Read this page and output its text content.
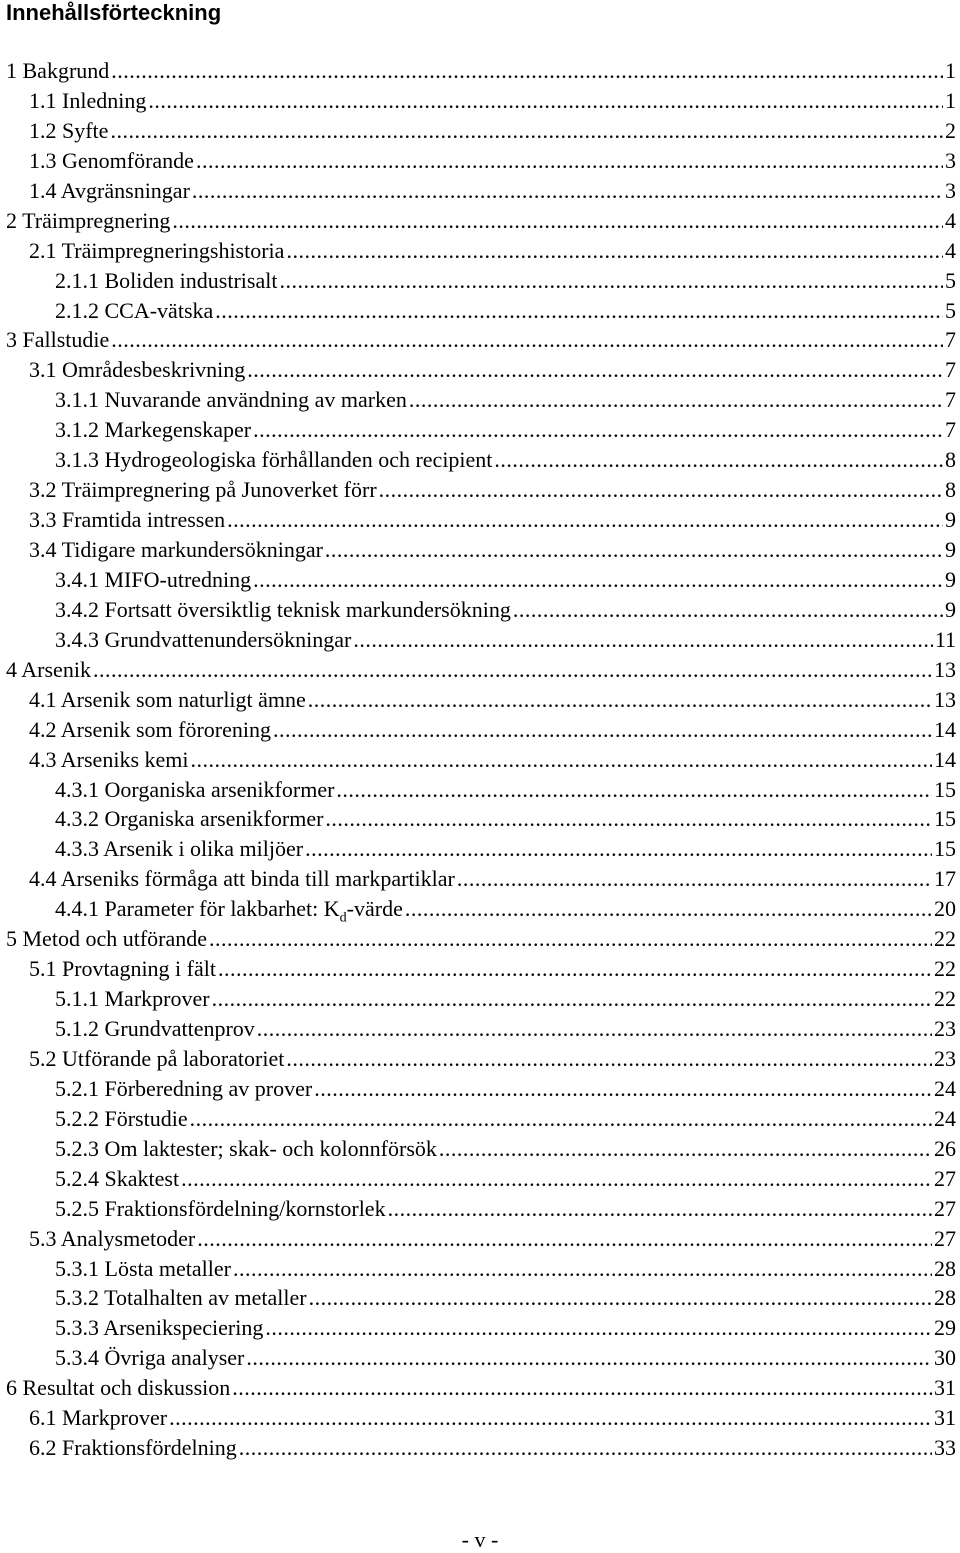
Innehållsförteckning
1 Bakgrund .....	1
1.1 Inledning .....	1
1.2 Syfte .....	2
1.3 Genomförande .....	3
1.4 Avgränsningar .....	3
2 Träimpregnering .....	4
2.1 Träimpregneringshistoria .....	4
2.1.1 Boliden industrisalt .....	5
2.1.2 CCA-vätska .....	5
3 Fallstudie .....	7
3.1 Områdesbeskrivning .....	7
3.1.1 Nuvarande användning av marken .....	7
3.1.2 Markegenskaper .....	7
3.1.3 Hydrogeologiska förhållanden och recipient .....	8
3.2 Träimpregnering på Junoverket förr .....	8
3.3 Framtida intressen .....	9
3.4 Tidigare markundersökningar .....	9
3.4.1 MIFO-utredning .....	9
3.4.2 Fortsatt översiktlig teknisk markundersökning .....	9
3.4.3 Grundvattenundersökningar .....	11
4 Arsenik .....	13
4.1 Arsenik som naturligt ämne .....	13
4.2 Arsenik som förorening .....	14
4.3 Arseniks kemi .....	14
4.3.1 Oorganiska arsenikformer .....	15
4.3.2 Organiska arsenikformer .....	15
4.3.3 Arsenik i olika miljöer .....	15
4.4 Arseniks förmåga att binda till markpartiklar .....	17
4.4.1 Parameter för lakbarhet: $K_d$-värde .....	20
5 Metod och utförande .....	22
5.1 Provtagning i fält .....	22
5.1.1 Markprover .....	22
5.1.2 Grundvattenprov .....	23
5.2 Utförande på laboratoriet .....	23
5.2.1 Förberedning av prover .....	24
5.2.2 Förstudie .....	24
5.2.3 Om laktester; skak- och kolonnförsök .....	26
5.2.4 Skaktest .....	27
5.2.5 Fraktionsfördelning/kornstorlek .....	27
5.3 Analysmetoder .....	27
5.3.1 Lösta metaller .....	28
5.3.2 Totalhalten av metaller .....	28
5.3.3 Arsenikspeciering .....	29
5.3.4 Övriga analyser .....	30
6 Resultat och diskussion .....	31
6.1 Markprover .....	31
6.2 Fraktionsfördelning .....	33
- v -
